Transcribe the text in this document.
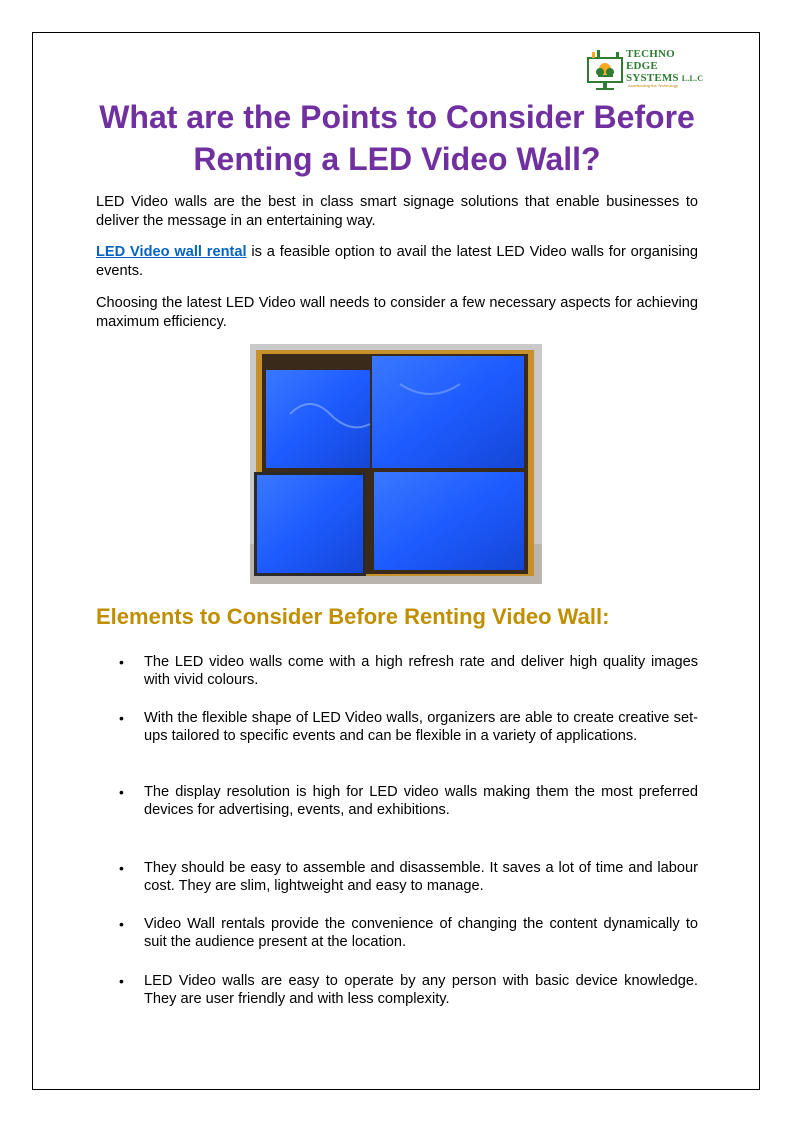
TECHNO
EDGE
SYSTEMS L.L.C
Accelerating the Technology
What are the Points to Consider Before Renting a LED Video Wall?

LED Video walls are the best in class smart signage solutions that enable businesses to deliver the message in an entertaining way.

LED Video wall rental is a feasible option to avail the latest LED Video walls for organising events.

Choosing the latest LED Video wall needs to consider a few necessary aspects for achieving maximum efficiency.

Elements to Consider Before Renting Video Wall:
• The LED video walls come with a high refresh rate and deliver high quality images with vivid colours.
• With the flexible shape of LED Video walls, organizers are able to create creative set-ups tailored to specific events and can be flexible in a variety of applications.
• The display resolution is high for LED video walls making them the most preferred devices for advertising, events, and exhibitions.
• They should be easy to assemble and disassemble. It saves a lot of time and labour cost. They are slim, lightweight and easy to manage.
• Video Wall rentals provide the convenience of changing the content dynamically to suit the audience present at the location.
• LED Video walls are easy to operate by any person with basic device knowledge. They are user friendly and with less complexity.
